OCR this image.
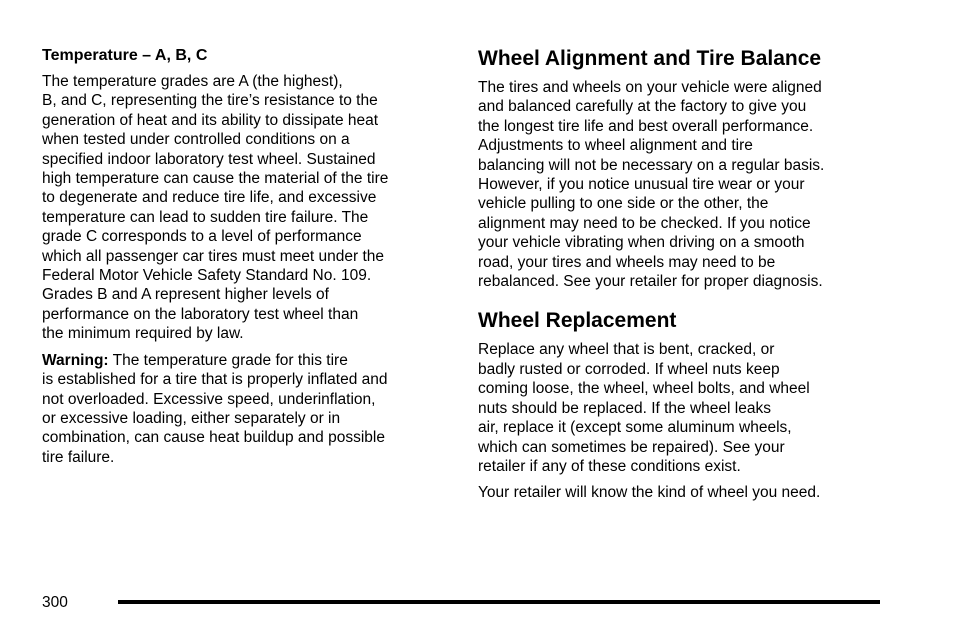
Temperature – A, B, C
The temperature grades are A (the highest),
B, and C, representing the tire’s resistance to the
generation of heat and its ability to dissipate heat
when tested under controlled conditions on a
specified indoor laboratory test wheel. Sustained
high temperature can cause the material of the tire
to degenerate and reduce tire life, and excessive
temperature can lead to sudden tire failure. The
grade C corresponds to a level of performance
which all passenger car tires must meet under the
Federal Motor Vehicle Safety Standard No. 109.
Grades B and A represent higher levels of
performance on the laboratory test wheel than
the minimum required by law.
Warning: The temperature grade for this tire
is established for a tire that is properly inflated and
not overloaded. Excessive speed, underinflation,
or excessive loading, either separately or in
combination, can cause heat buildup and possible
tire failure.
Wheel Alignment and Tire Balance
The tires and wheels on your vehicle were aligned
and balanced carefully at the factory to give you
the longest tire life and best overall performance.
Adjustments to wheel alignment and tire
balancing will not be necessary on a regular basis.
However, if you notice unusual tire wear or your
vehicle pulling to one side or the other, the
alignment may need to be checked. If you notice
your vehicle vibrating when driving on a smooth
road, your tires and wheels may need to be
rebalanced. See your retailer for proper diagnosis.
Wheel Replacement
Replace any wheel that is bent, cracked, or
badly rusted or corroded. If wheel nuts keep
coming loose, the wheel, wheel bolts, and wheel
nuts should be replaced. If the wheel leaks
air, replace it (except some aluminum wheels,
which can sometimes be repaired). See your
retailer if any of these conditions exist.
Your retailer will know the kind of wheel you need.
300
